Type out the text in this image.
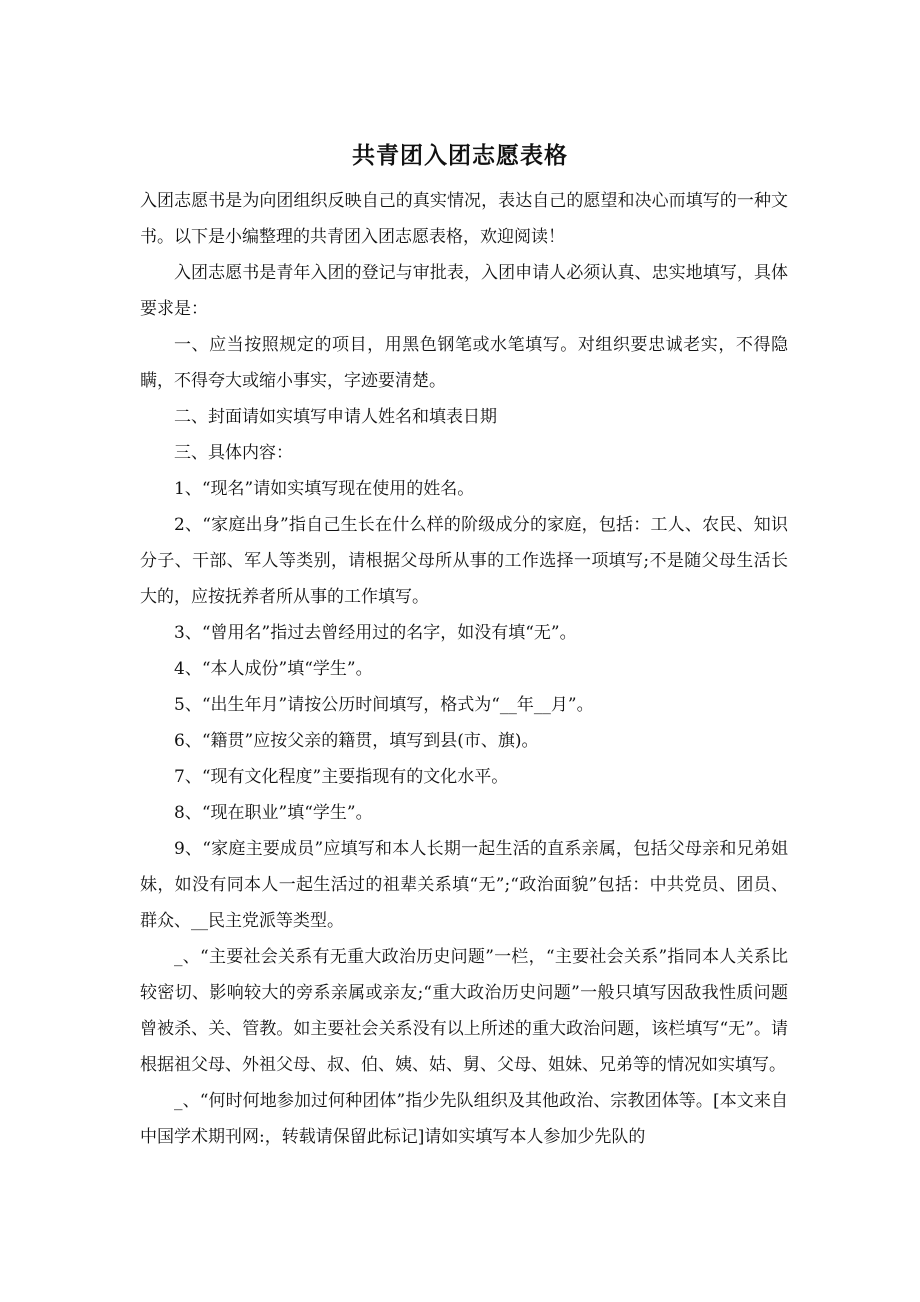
共青团入团志愿表格

入团志愿书是为向团组织反映自己的真实情况，表达自己的愿望和决心而填写的一种文书。以下是小编整理的共青团入团志愿表格，欢迎阅读！

入团志愿书是青年入团的登记与审批表，入团申请人必须认真、忠实地填写，具体要求是：

一、应当按照规定的项目，用黑色钢笔或水笔填写。对组织要忠诚老实，不得隐瞒，不得夸大或缩小事实，字迹要清楚。

二、封面请如实填写申请人姓名和填表日期

三、具体内容：

1、“现名”请如实填写现在使用的姓名。

2、“家庭出身”指自己生长在什么样的阶级成分的家庭，包括：工人、农民、知识分子、干部、军人等类别，请根据父母所从事的工作选择一项填写;不是随父母生活长大的，应按抚养者所从事的工作填写。

3、“曾用名”指过去曾经用过的名字，如没有填“无”。

4、“本人成份”填“学生”。

5、“出生年月”请按公历时间填写，格式为“__年__月”。

6、“籍贯”应按父亲的籍贯，填写到县(市、旗)。

7、“现有文化程度”主要指现有的文化水平。

8、“现在职业”填“学生”。

9、“家庭主要成员”应填写和本人长期一起生活的直系亲属，包括父母亲和兄弟姐妹，如没有同本人一起生活过的祖辈关系填“无”;“政治面貌”包括：中共党员、团员、群众、__民主党派等类型。

_、“主要社会关系有无重大政治历史问题”一栏，“主要社会关系”指同本人关系比较密切、影响较大的旁系亲属或亲友;“重大政治历史问题”一般只填写因敌我性质问题曾被杀、关、管教。如主要社会关系没有以上所述的重大政治问题，该栏填写“无”。请根据祖父母、外祖父母、叔、伯、姨、姑、舅、父母、姐妹、兄弟等的情况如实填写。

_、“何时何地参加过何种团体”指少先队组织及其他政治、宗教团体等。[本文来自中国学术期刊网:，转载请保留此标记]请如实填写本人参加少先队的
